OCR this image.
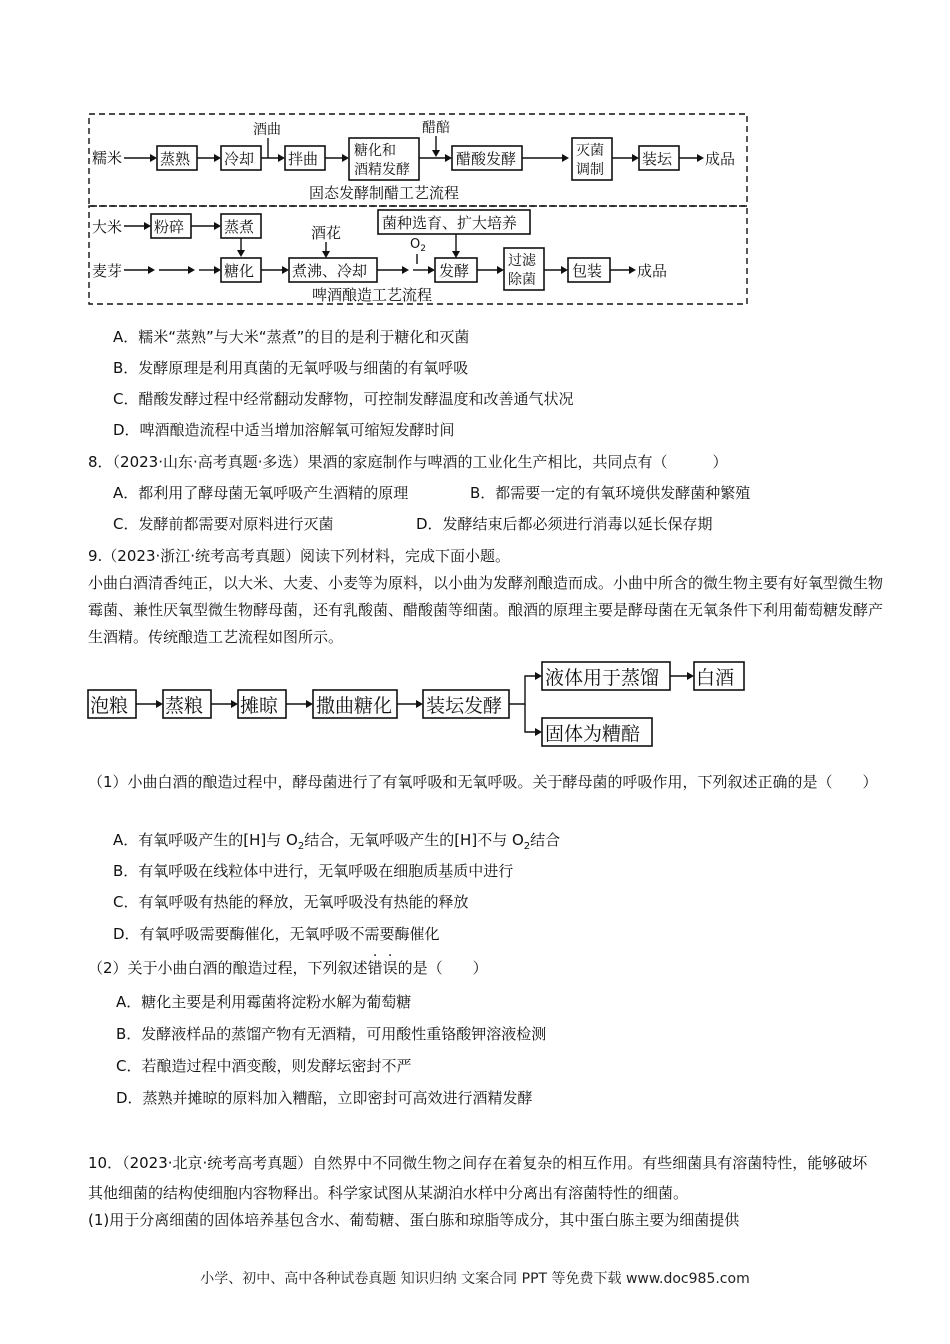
糯米	蒸熟 冷却 拌曲
酒曲
糖化和
酒精发酵
醋醅
醋酸发酵	灭菌
调制
装坛 成品
固态发酵制醋工艺流程
大米 粉碎	蒸煮
麦芽	糖化
酒花
煮沸、冷却
菌种选育、扩大培养
$O_2$
发酵
过滤
除菌 包装 成品
啤酒酿造工艺流程
A．糯米“蒸熟”与大米“蒸煮”的目的是利于糖化和灭菌
B．发酵原理是利用真菌的无氧呼吸与细菌的有氧呼吸
C．醋酸发酵过程中经常翻动发酵物，可控制发酵温度和改善通气状况
D．啤酒酿造流程中适当增加溶解氧可缩短发酵时间
8．（2023·山东·高考真题·多选）果酒的家庭制作与啤酒的工业化生产相比，共同点有（　　　）
A．都利用了酵母菌无氧呼吸产生酒精的原理	B．都需要一定的有氧环境供发酵菌种繁殖
C．发酵前都需要对原料进行灭菌	D．发酵结束后都必须进行消毒以延长保存期
9.（2023·浙江·统考高考真题）阅读下列材料，完成下面小题。
小曲白酒清香纯正，以大米、大麦、小麦等为原料，以小曲为发酵剂酿造而成。小曲中所含的微生物主要有好氧型微生物霉菌、兼性厌氧型微生物酵母菌，还有乳酸菌、醋酸菌等细菌。酿酒的原理主要是酵母菌在无氧条件下利用葡萄糖发酵产生酒精。传统酿造工艺流程如图所示。
泡粮 蒸粮 摊晾 撒曲糖化 装坛发酵
液体用于蒸馏 白酒
固体为糟醅
（1）小曲白酒的酿造过程中，酵母菌进行了有氧呼吸和无氧呼吸。关于酵母菌的呼吸作用，下列叙述正确的是（　　）
A．有氧呼吸产生的[H]与 $O_2$结合，无氧呼吸产生的[H]不与 $O_2$结合
B．有氧呼吸在线粒体中进行，无氧呼吸在细胞质基质中进行
C．有氧呼吸有热能的释放，无氧呼吸没有热能的释放
D．有氧呼吸需要酶催化，无氧呼吸不需要酶催化
（2）关于小曲白酒的酿造过程，下列叙述错误的是（　　）
A．糖化主要是利用霉菌将淀粉水解为葡萄糖
B．发酵液样品的蒸馏产物有无酒精，可用酸性重铬酸钾溶液检测
C．若酿造过程中酒变酸，则发酵坛密封不严
D．蒸熟并摊晾的原料加入糟醅，立即密封可高效进行酒精发酵
10．（2023·北京·统考高考真题）自然界中不同微生物之间存在着复杂的相互作用。有些细菌具有溶菌特性，能够破坏其他细菌的结构使细胞内容物释出。科学家试图从某湖泊水样中分离出有溶菌特性的细菌。
(1)用于分离细菌的固体培养基包含水、葡萄糖、蛋白胨和琼脂等成分，其中蛋白胨主要为细菌提供
小学、初中、高中各种试卷真题 知识归纳 文案合同 PPT 等免费下载 www.doc985.com
